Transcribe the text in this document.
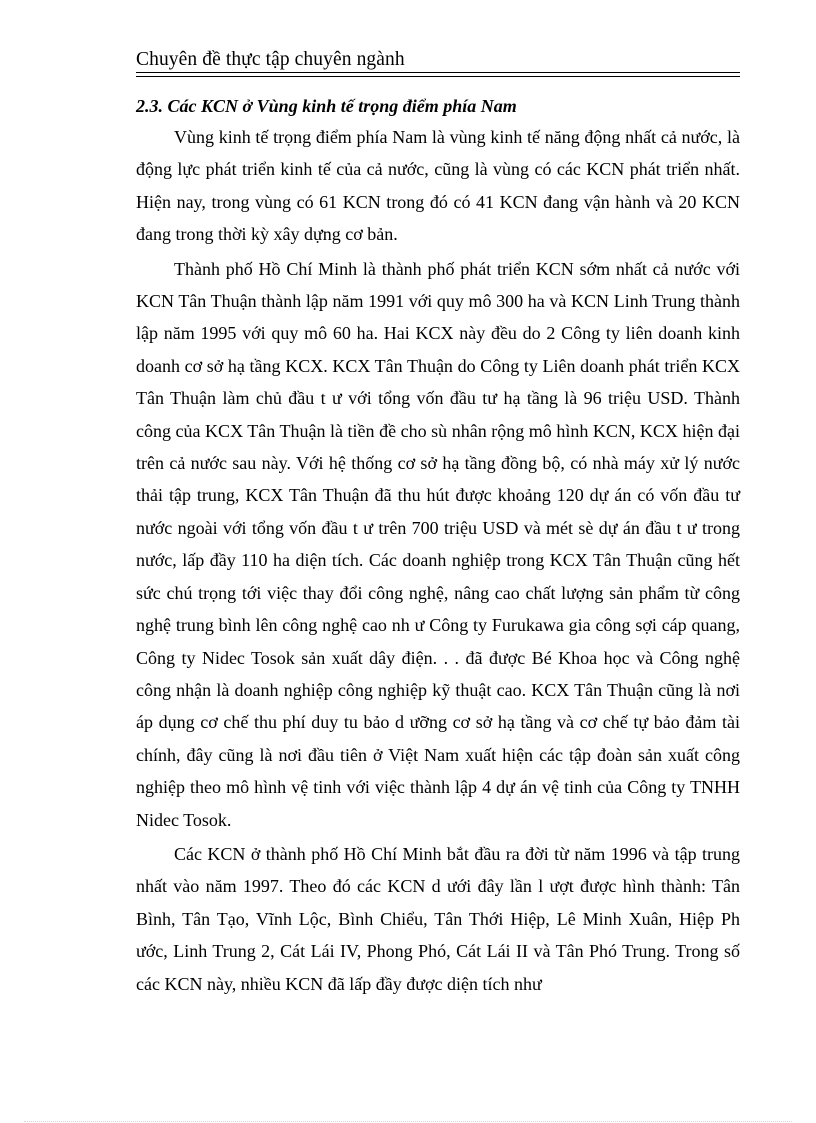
Chuyên đề thực tập chuyên ngành
2.3. Các KCN ở Vùng kinh tế trọng điểm phía Nam

Vùng kinh tế trọng điểm phía Nam là vùng kinh tế năng động nhất cả nước, là động lực phát triển kinh tế của cả nước, cũng là vùng có các KCN phát triển nhất. Hiện nay, trong vùng có 61 KCN trong đó có 41 KCN đang vận hành và 20 KCN đang trong thời kỳ xây dựng cơ bản.

Thành phố Hồ Chí Minh là thành phố phát triển KCN sớm nhất cả nước với KCN Tân Thuận thành lập năm 1991 với quy mô 300 ha và KCN Linh Trung thành lập năm 1995 với quy mô 60 ha. Hai KCX này đều do 2 Công ty liên doanh kinh doanh cơ sở hạ tầng KCX. KCX Tân Thuận do Công ty Liên doanh phát triển KCX Tân Thuận làm chủ đầu t ư với tổng vốn đầu tư hạ tầng là 96 triệu USD. Thành công của KCX Tân Thuận là tiền đề cho sù nhân rộng mô hình KCN, KCX hiện đại trên cả nước sau này. Với hệ thống cơ sở hạ tầng đồng bộ, có nhà máy xử lý nước thải tập trung, KCX Tân Thuận đã thu hút được khoảng 120 dự án có vốn đầu tư nước ngoài với tổng vốn đầu t ư trên 700 triệu USD và mét sè dự án đầu t ư trong nước, lấp đầy 110 ha diện tích. Các doanh nghiệp trong KCX Tân Thuận cũng hết sức chú trọng tới việc thay đổi công nghệ, nâng cao chất lượng sản phẩm từ công nghệ trung bình lên công nghệ cao nh ư Công ty Furukawa gia công sợi cáp quang, Công ty Nidec Tosok sản xuất dây điện. . . đã được Bé Khoa học và Công nghệ công nhận là doanh nghiệp công nghiệp kỹ thuật cao. KCX Tân Thuận cũng là nơi áp dụng cơ chế thu phí duy tu bảo d ưỡng cơ sở hạ tầng và cơ chế tự bảo đảm tài chính, đây cũng là nơi đầu tiên ở Việt Nam xuất hiện các tập đoàn sản xuất công nghiệp theo mô hình vệ tinh với việc thành lập 4 dự án vệ tinh của Công ty TNHH Nidec Tosok.

Các KCN ở thành phố Hồ Chí Minh bắt đầu ra đời từ năm 1996 và tập trung nhất vào năm 1997. Theo đó các KCN d ưới đây lần l ượt được hình thành: Tân Bình, Tân Tạo, Vĩnh Lộc, Bình Chiểu, Tân Thới Hiệp, Lê Minh Xuân, Hiệp Ph ước, Linh Trung 2, Cát Lái IV, Phong Phó, Cát Lái II và Tân Phó Trung. Trong số các KCN này, nhiều KCN đã lấp đầy được diện tích như
